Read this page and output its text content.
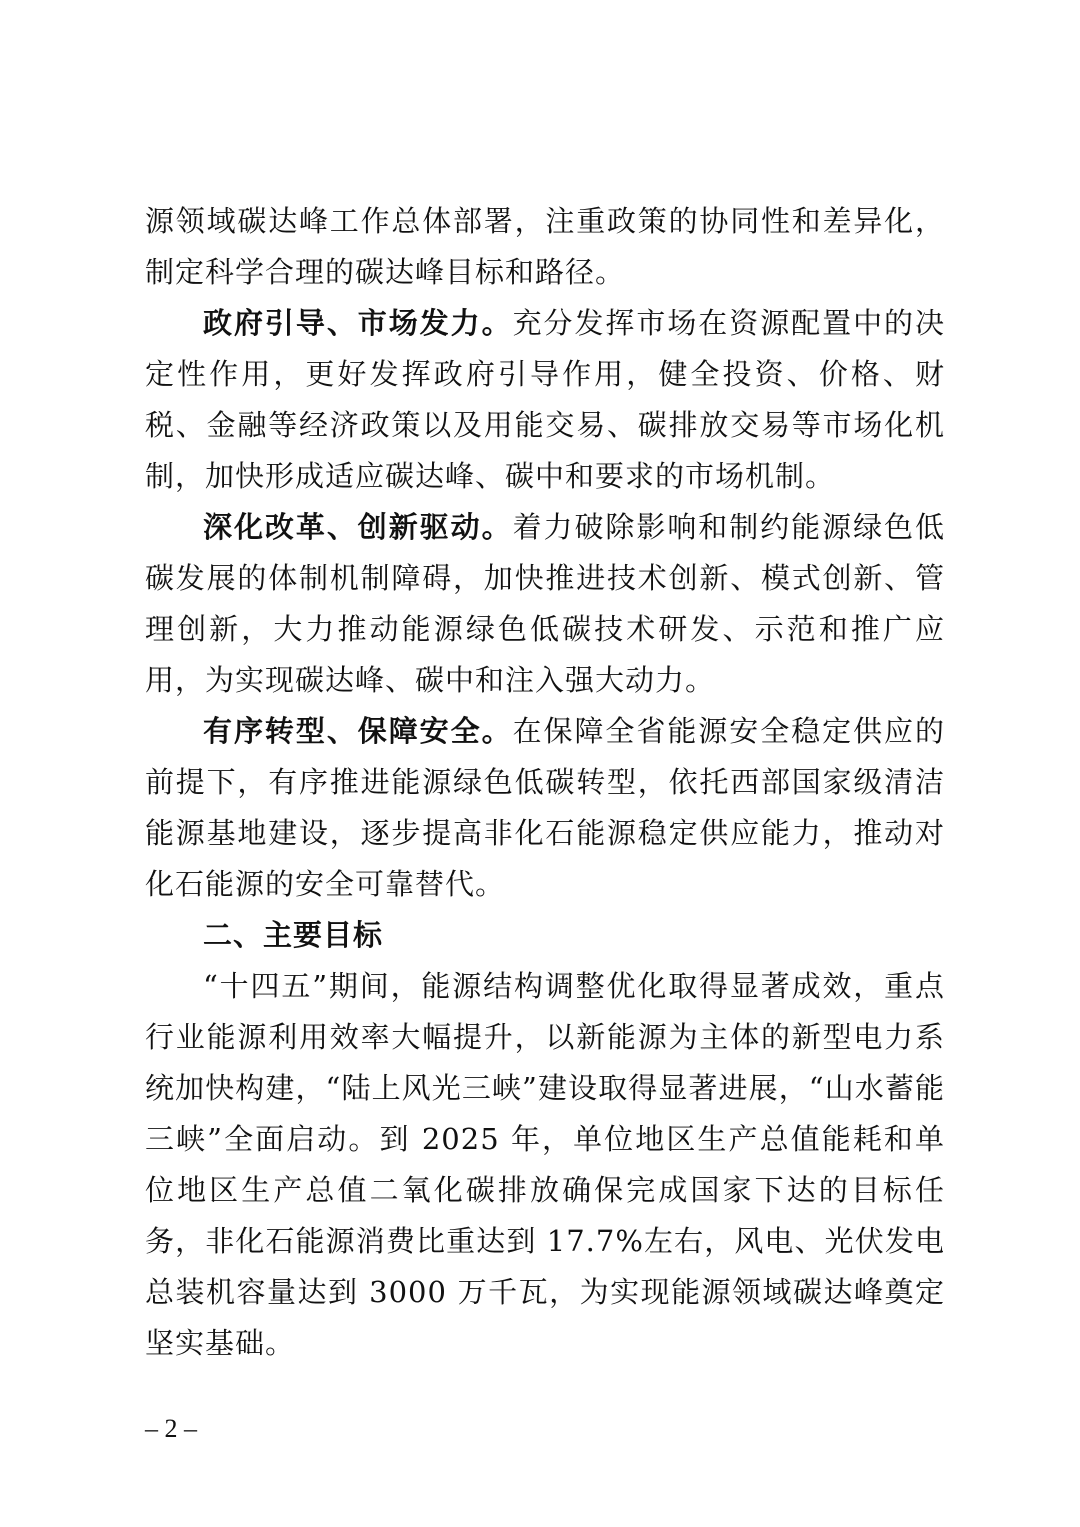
源领域碳达峰工作总体部署，注重政策的协同性和差异化，制定科学合理的碳达峰目标和路径。

政府引导、市场发力。充分发挥市场在资源配置中的决定性作用，更好发挥政府引导作用，健全投资、价格、财税、金融等经济政策以及用能交易、碳排放交易等市场化机制，加快形成适应碳达峰、碳中和要求的市场机制。

深化改革、创新驱动。着力破除影响和制约能源绿色低碳发展的体制机制障碍，加快推进技术创新、模式创新、管理创新，大力推动能源绿色低碳技术研发、示范和推广应用，为实现碳达峰、碳中和注入强大动力。

有序转型、保障安全。在保障全省能源安全稳定供应的前提下，有序推进能源绿色低碳转型，依托西部国家级清洁能源基地建设，逐步提高非化石能源稳定供应能力，推动对化石能源的安全可靠替代。

二、主要目标

“十四五”期间，能源结构调整优化取得显著成效，重点行业能源利用效率大幅提升，以新能源为主体的新型电力系统加快构建，“陆上风光三峡”建设取得显著进展，“山水蓄能三峡”全面启动。到 2025 年，单位地区生产总值能耗和单位地区生产总值二氧化碳排放确保完成国家下达的目标任务，非化石能源消费比重达到 17.7%左右，风电、光伏发电总装机容量达到 3000 万千瓦，为实现能源领域碳达峰奠定坚实基础。

– 2 –
